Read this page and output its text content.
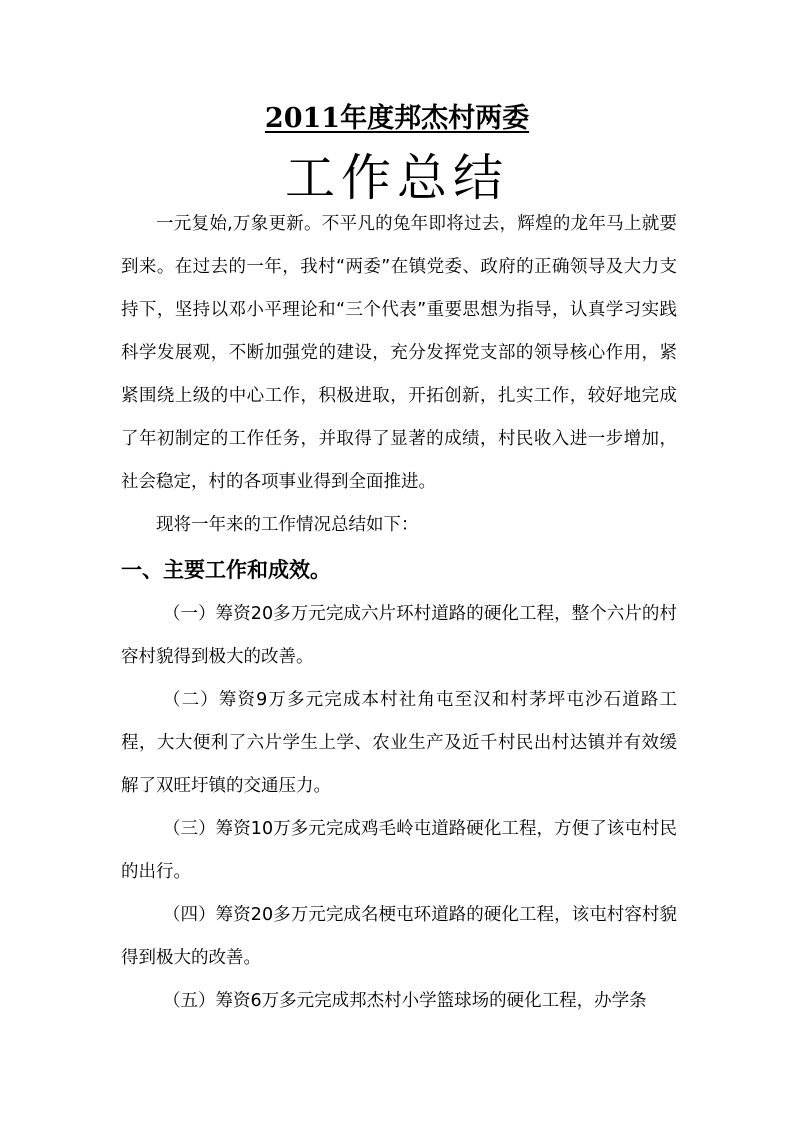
2011年度邦杰村两委
工作总结

一元复始,万象更新。不平凡的兔年即将过去，辉煌的龙年马上就要到来。在过去的一年，我村“两委”在镇党委、政府的正确领导及大力支持下，坚持以邓小平理论和“三个代表”重要思想为指导，认真学习实践科学发展观，不断加强党的建设，充分发挥党支部的领导核心作用，紧紧围绕上级的中心工作，积极进取，开拓创新，扎实工作，较好地完成了年初制定的工作任务，并取得了显著的成绩，村民收入进一步增加，社会稳定，村的各项事业得到全面推进。

现将一年来的工作情况总结如下：

一、主要工作和成效。

（一）筹资20多万元完成六片环村道路的硬化工程，整个六片的村容村貌得到极大的改善。

（二）筹资9万多元完成本村社角屯至汉和村茅坪屯沙石道路工程，大大便利了六片学生上学、农业生产及近千村民出村达镇并有效缓解了双旺圩镇的交通压力。

（三）筹资10万多元完成鸡毛岭屯道路硬化工程，方便了该屯村民的出行。

（四）筹资20多万元完成名梗屯环道路的硬化工程，该屯村容村貌得到极大的改善。

（五）筹资6万多元完成邦杰村小学篮球场的硬化工程，办学条
